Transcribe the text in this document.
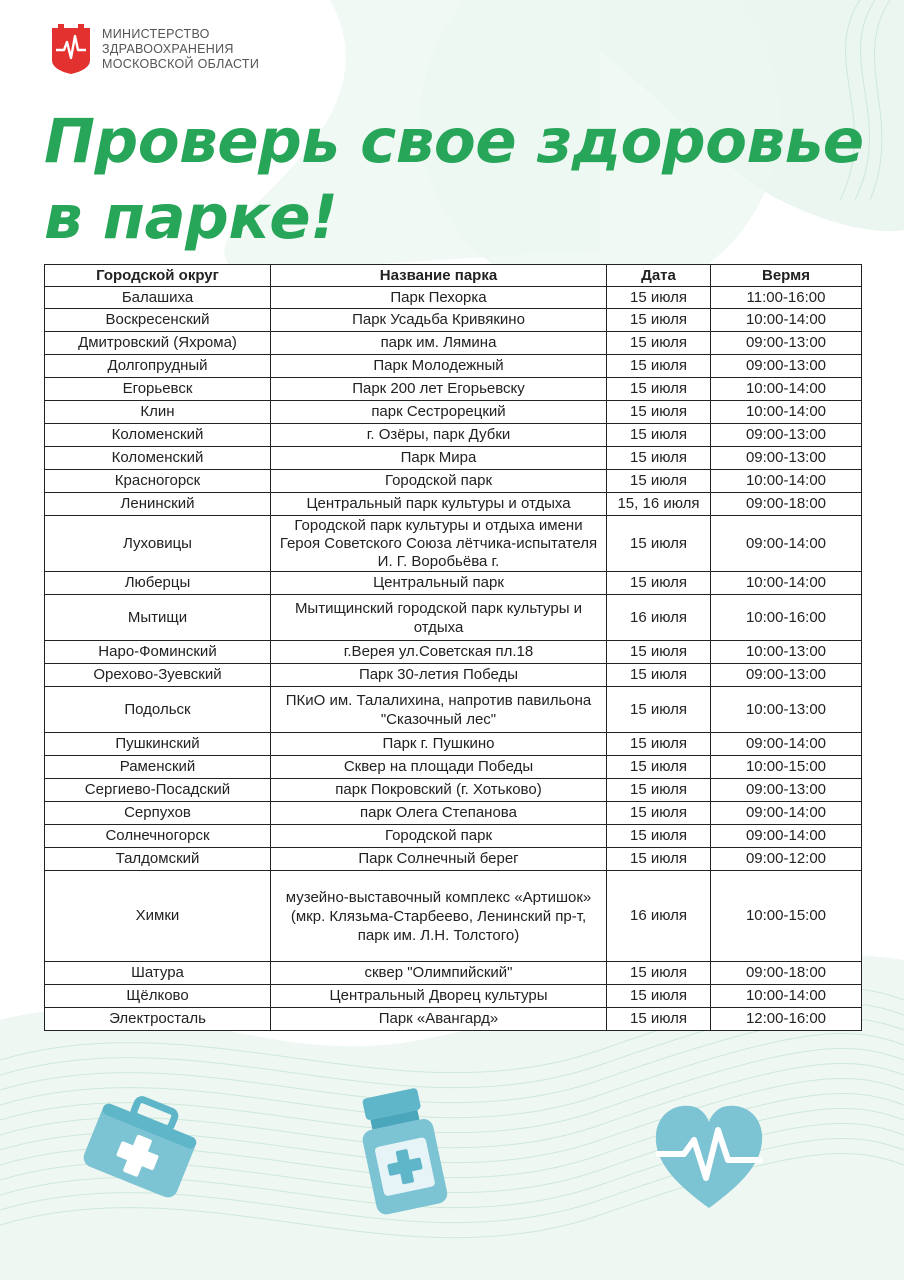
МИНИСТЕРСТВО
ЗДРАВООХРАНЕНИЯ
МОСКОВСКОЙ ОБЛАСТИ
Проверь свое здоровье
в парке!
Городской округ	Название парка	Дата	Вермя
Балашиха	Парк Пехорка	15 июля	11:00-16:00
Воскресенский	Парк Усадьба Кривякино	15 июля	10:00-14:00
Дмитровский (Яхрома)	парк им. Лямина	15 июля	09:00-13:00
Долгопрудный	Парк Молодежный	15 июля	09:00-13:00
Егорьевск	Парк 200 лет Егорьевску	15 июля	10:00-14:00
Клин	парк Сестрорецкий	15 июля	10:00-14:00
Коломенский	г. Озёры, парк Дубки	15 июля	09:00-13:00
Коломенский	Парк Мира	15 июля	09:00-13:00
Красногорск	Городской парк	15 июля	10:00-14:00
Ленинский	Центральный парк культуры и отдыха	15, 16 июля	09:00-18:00
Луховицы	Городской парк культуры и отдыха имени Героя Советского Союза лётчика-испытателя И. Г. Воробьёва г.	15 июля	09:00-14:00
Люберцы	Центральный парк	15 июля	10:00-14:00
Мытищи	Мытищинский городской парк культуры и отдыха	16 июля	10:00-16:00
Наро-Фоминский	г.Верея ул.Советская пл.18	15 июля	10:00-13:00
Орехово-Зуевский	Парк 30-летия Победы	15 июля	09:00-13:00
Подольск	ПКиО им. Талалихина, напротив павильона "Сказочный лес"	15 июля	10:00-13:00
Пушкинский	Парк г. Пушкино	15 июля	09:00-14:00
Раменский	Сквер на площади Победы	15 июля	10:00-15:00
Сергиево-Посадский	парк Покровский (г. Хотьково)	15 июля	09:00-13:00
Серпухов	парк Олега Степанова	15 июля	09:00-14:00
Солнечногорск	Городской парк	15 июля	09:00-14:00
Талдомский	Парк Солнечный берег	15 июля	09:00-12:00
Химки	музейно-выставочный комплекс «Артишок» (мкр. Клязьма-Старбеево, Ленинский пр-т, парк им. Л.Н. Толстого)	16 июля	10:00-15:00
Шатура	сквер "Олимпийский"	15 июля	09:00-18:00
Щёлково	Центральный Дворец культуры	15 июля	10:00-14:00
Электросталь	Парк «Авангард»	15 июля	12:00-16:00
